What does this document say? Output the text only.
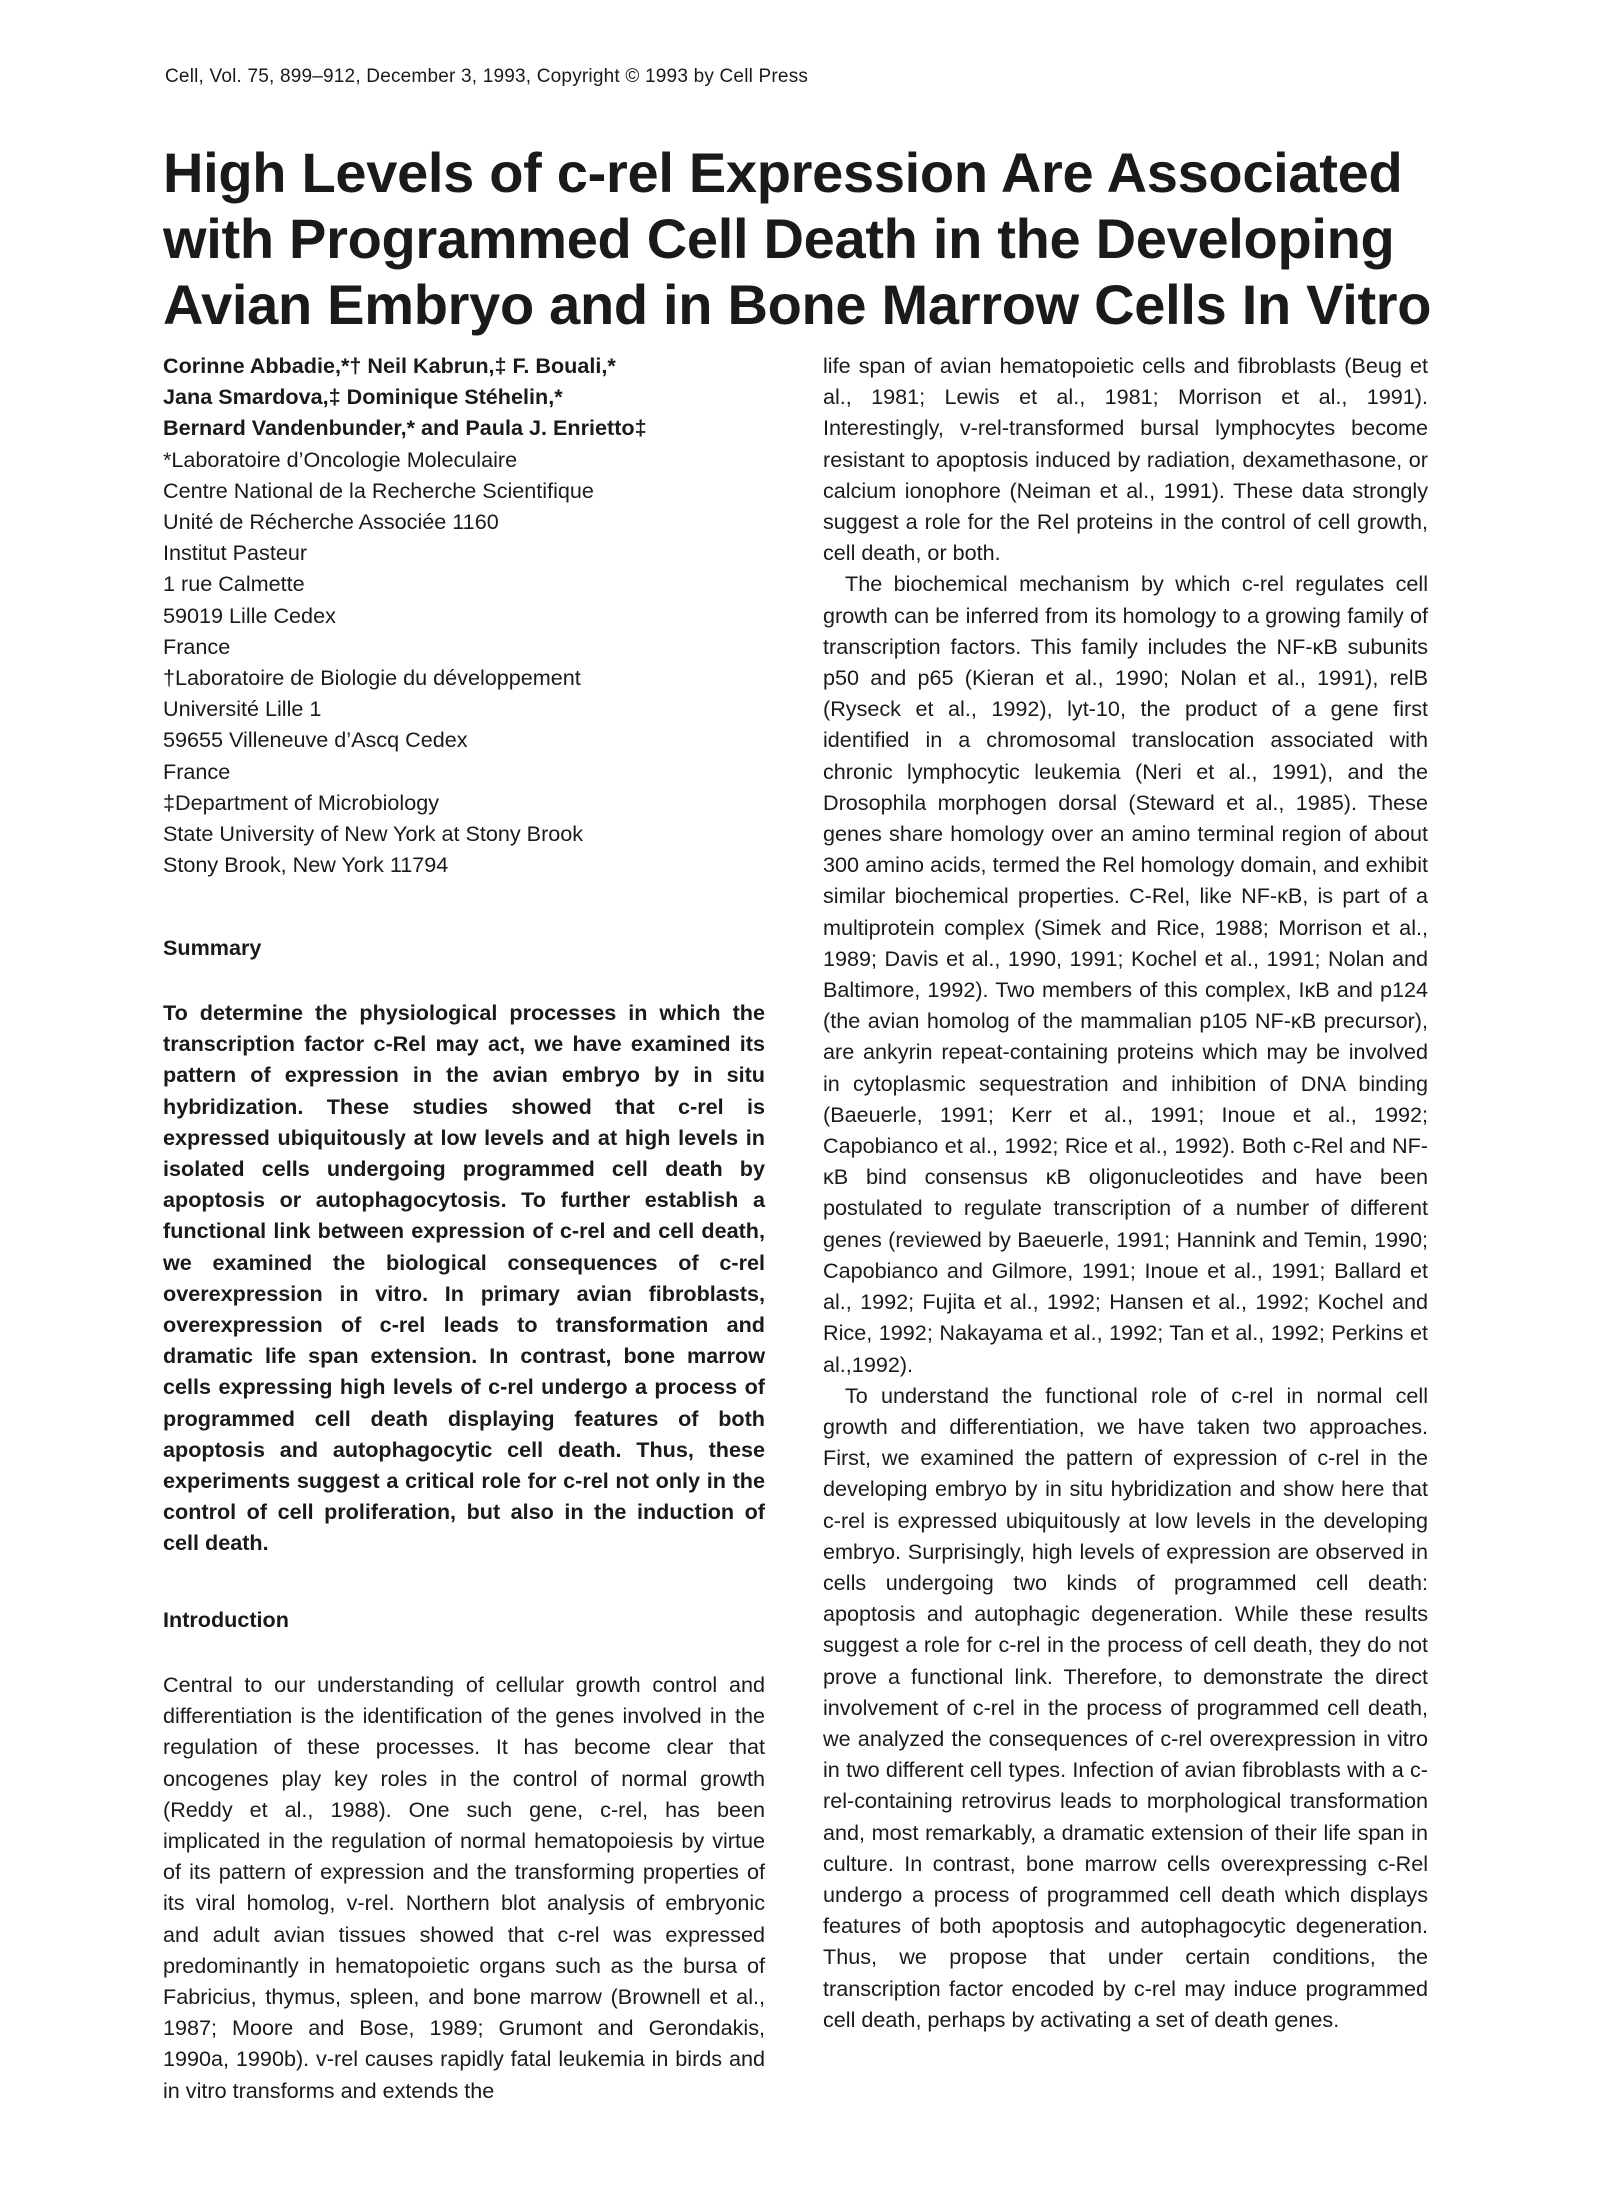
Cell, Vol. 75, 899–912, December 3, 1993, Copyright © 1993 by Cell Press
High Levels of c-rel Expression Are Associated
with Programmed Cell Death in the Developing
Avian Embryo and in Bone Marrow Cells In Vitro
Corinne Abbadie,*† Neil Kabrun,‡ F. Bouali,*
Jana Smardova,‡ Dominique Stéhelin,*
Bernard Vandenbunder,* and Paula J. Enrietto‡
*Laboratoire d’Oncologie Moleculaire
Centre National de la Recherche Scientifique
Unité de Récherche Associée 1160
Institut Pasteur
1 rue Calmette
59019 Lille Cedex
France
†Laboratoire de Biologie du développement
Université Lille 1
59655 Villeneuve d’Ascq Cedex
France
‡Department of Microbiology
State University of New York at Stony Brook
Stony Brook, New York 11794
Summary
To determine the physiological processes in which the transcription factor c-Rel may act, we have examined its pattern of expression in the avian embryo by in situ hybridization. These studies showed that c-rel is expressed ubiquitously at low levels and at high levels in isolated cells undergoing programmed cell death by apoptosis or autophagocytosis. To further establish a functional link between expression of c-rel and cell death, we examined the biological consequences of c-rel overexpression in vitro. In primary avian fibroblasts, overexpression of c-rel leads to transformation and dramatic life span extension. In contrast, bone marrow cells expressing high levels of c-rel undergo a process of programmed cell death displaying features of both apoptosis and autophagocytic cell death. Thus, these experiments suggest a critical role for c-rel not only in the control of cell proliferation, but also in the induction of cell death.
Introduction
Central to our understanding of cellular growth control and differentiation is the identification of the genes involved in the regulation of these processes. It has become clear that oncogenes play key roles in the control of normal growth (Reddy et al., 1988). One such gene, c-rel, has been implicated in the regulation of normal hematopoiesis by virtue of its pattern of expression and the transforming properties of its viral homolog, v-rel. Northern blot analysis of embryonic and adult avian tissues showed that c-rel was expressed predominantly in hematopoietic organs such as the bursa of Fabricius, thymus, spleen, and bone marrow (Brownell et al., 1987; Moore and Bose, 1989; Grumont and Gerondakis, 1990a, 1990b). v-rel causes rapidly fatal leukemia in birds and in vitro transforms and extends the

life span of avian hematopoietic cells and fibroblasts (Beug et al., 1981; Lewis et al., 1981; Morrison et al., 1991). Interestingly, v-rel-transformed bursal lymphocytes become resistant to apoptosis induced by radiation, dexamethasone, or calcium ionophore (Neiman et al., 1991). These data strongly suggest a role for the Rel proteins in the control of cell growth, cell death, or both.

The biochemical mechanism by which c-rel regulates cell growth can be inferred from its homology to a growing family of transcription factors. This family includes the NF-κB subunits p50 and p65 (Kieran et al., 1990; Nolan et al., 1991), relB (Ryseck et al., 1992), lyt-10, the product of a gene first identified in a chromosomal translocation associated with chronic lymphocytic leukemia (Neri et al., 1991), and the Drosophila morphogen dorsal (Steward et al., 1985). These genes share homology over an amino terminal region of about 300 amino acids, termed the Rel homology domain, and exhibit similar biochemical properties. C-Rel, like NF-κB, is part of a multiprotein complex (Simek and Rice, 1988; Morrison et al., 1989; Davis et al., 1990, 1991; Kochel et al., 1991; Nolan and Baltimore, 1992). Two members of this complex, IκB and p124 (the avian homolog of the mammalian p105 NF-κB precursor), are ankyrin repeat-containing proteins which may be involved in cytoplasmic sequestration and inhibition of DNA binding (Baeuerle, 1991; Kerr et al., 1991; Inoue et al., 1992; Capobianco et al., 1992; Rice et al., 1992). Both c-Rel and NF-κB bind consensus κB oligonucleotides and have been postulated to regulate transcription of a number of different genes (reviewed by Baeuerle, 1991; Hannink and Temin, 1990; Capobianco and Gilmore, 1991; Inoue et al., 1991; Ballard et al., 1992; Fujita et al., 1992; Hansen et al., 1992; Kochel and Rice, 1992; Nakayama et al., 1992; Tan et al., 1992; Perkins et al.,1992).

To understand the functional role of c-rel in normal cell growth and differentiation, we have taken two approaches. First, we examined the pattern of expression of c-rel in the developing embryo by in situ hybridization and show here that c-rel is expressed ubiquitously at low levels in the developing embryo. Surprisingly, high levels of expression are observed in cells undergoing two kinds of programmed cell death: apoptosis and autophagic degeneration. While these results suggest a role for c-rel in the process of cell death, they do not prove a functional link. Therefore, to demonstrate the direct involvement of c-rel in the process of programmed cell death, we analyzed the consequences of c-rel overexpression in vitro in two different cell types. Infection of avian fibroblasts with a c-rel-containing retrovirus leads to morphological transformation and, most remarkably, a dramatic extension of their life span in culture. In contrast, bone marrow cells overexpressing c-Rel undergo a process of programmed cell death which displays features of both apoptosis and autophagocytic degeneration. Thus, we propose that under certain conditions, the transcription factor encoded by c-rel may induce programmed cell death, perhaps by activating a set of death genes.
